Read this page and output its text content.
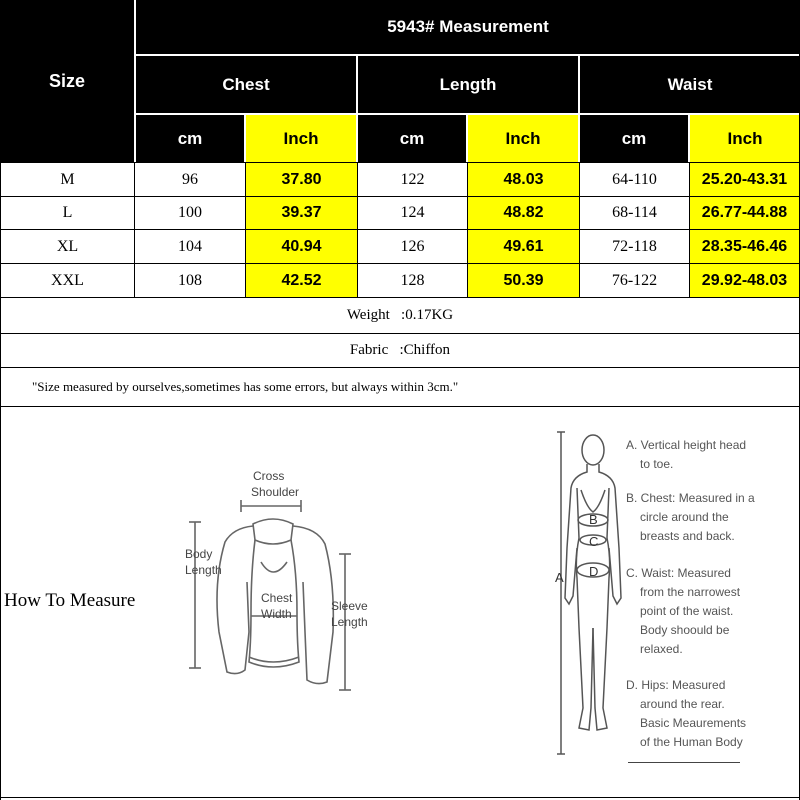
Size
5943# Measurement
Chest	Length	Waist
cm	Inch	cm	Inch	cm	Inch
M	96	37.80	122	48.03	64-110	25.20-43.31
L	100	39.37	124	48.82	68-114	26.77-44.88
XL	104	40.94	126	49.61	72-118	28.35-46.46
XXL	108	42.52	128	50.39	76-122	29.92-48.03
Weight   :0.17KG
Fabric   :Chiffon
"Size measured by ourselves,sometimes has some errors, but always within 3cm."
How To Measure
Cross
Shoulder
Body
Length
Chest
Width
Sleeve
Length
B
C
D
A
A. Vertical height head
to toe.
B. Chest: Measured in a
circle around the
breasts and back.
C. Waist: Measured
from the narrowest
point of the waist.
Body shoould be
relaxed.
D. Hips: Measured
around the rear.
Basic Meaurements
of the Human Body
